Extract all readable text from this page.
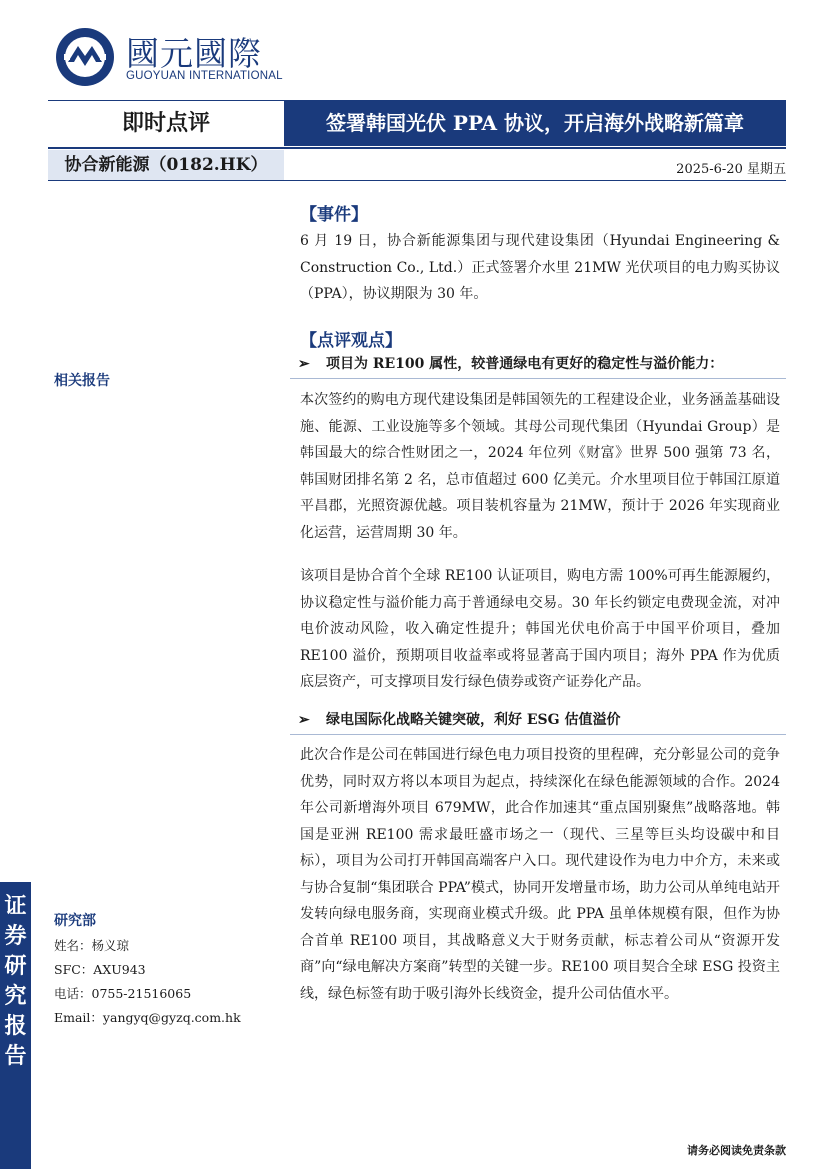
國元國際
GUOYUAN INTERNATIONAL
即时点评	签署韩国光伏 PPA 协议，开启海外战略新篇章
协合新能源（0182.HK）	2025-6-20 星期五
相关报告
研究部
姓名：杨义琼
SFC：AXU943
电话：0755-21516065
Email：yangyq@gyzq.com.hk
证
券
研
究
报
告
【事件】

6 月 19 日，协合新能源集团与现代建设集团（Hyundai Engineering & Construction Co., Ltd.）正式签署介水里 21MW 光伏项目的电力购买协议（PPA），协议期限为 30 年。

【点评观点】
➢ 项目为 RE100 属性，较普通绿电有更好的稳定性与溢价能力：

本次签约的购电方现代建设集团是韩国领先的工程建设企业，业务涵盖基础设施、能源、工业设施等多个领域。其母公司现代集团（Hyundai Group）是韩国最大的综合性财团之一，2024 年位列《财富》世界 500 强第 73 名，韩国财团排名第 2 名，总市值超过 600 亿美元。介水里项目位于韩国江原道平昌郡，光照资源优越。项目装机容量为 21MW，预计于 2026 年实现商业化运营，运营周期 30 年。

该项目是协合首个全球 RE100 认证项目，购电方需 100%可再生能源履约，协议稳定性与溢价能力高于普通绿电交易。30 年长约锁定电费现金流，对冲电价波动风险，收入确定性提升；韩国光伏电价高于中国平价项目，叠加 RE100 溢价，预期项目收益率或将显著高于国内项目；海外 PPA 作为优质底层资产，可支撑项目发行绿色债券或资产证券化产品。

➢ 绿电国际化战略关键突破，利好 ESG 估值溢价

此次合作是公司在韩国进行绿色电力项目投资的里程碑，充分彰显公司的竞争优势，同时双方将以本项目为起点，持续深化在绿色能源领域的合作。2024 年公司新增海外项目 679MW，此合作加速其“重点国别聚焦”战略落地。韩国是亚洲 RE100 需求最旺盛市场之一（现代、三星等巨头均设碳中和目标），项目为公司打开韩国高端客户入口。现代建设作为电力中介方，未来或与协合复制“集团联合 PPA”模式，协同开发增量市场，助力公司从单纯电站开发转向绿电服务商，实现商业模式升级。此 PPA 虽单体规模有限，但作为协合首单 RE100 项目，其战略意义大于财务贡献，标志着公司从“资源开发商”向“绿电解决方案商”转型的关键一步。RE100 项目契合全球 ESG 投资主线，绿色标签有助于吸引海外长线资金，提升公司估值水平。

请务必阅读免责条款
